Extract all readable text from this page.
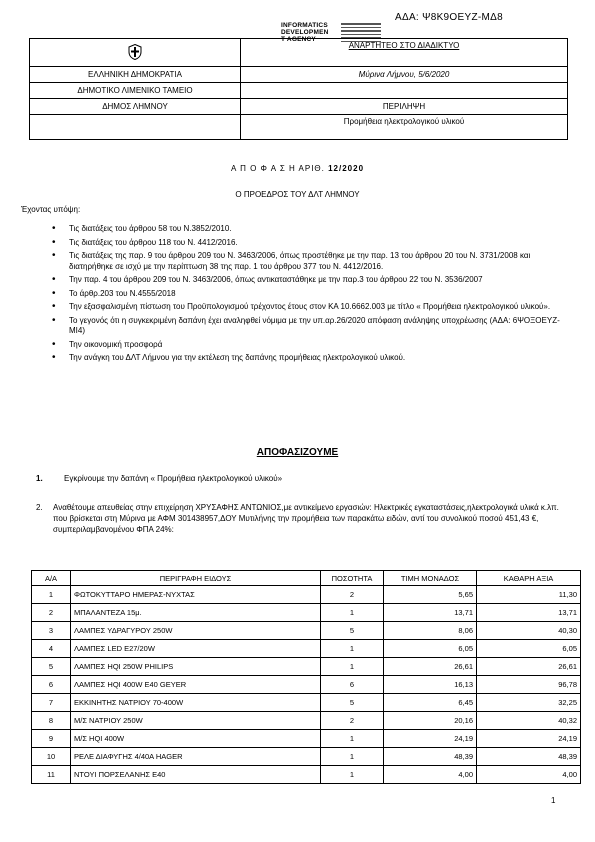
ΑΔΑ: Ψ8Κ9ΟΕΥΖ-ΜΔ8
INFORMATICS
DEVELOPMEN
T AGENCY
	ΑΝΑΡΤΗΤΕΟ ΣΤΟ ΔΙΑΔΙΚΤΥΟ
ΕΛΛΗΝΙΚΗ ΔΗΜΟΚΡΑΤΙΑ	Μύρινα Λήμνου, 5/6/2020
ΔΗΜΟΤΙΚΟ ΛΙΜΕΝΙΚΟ ΤΑΜΕΙΟ	
ΔΗΜΟΣ ΛΗΜΝΟΥ	ΠΕΡΙΛΗΨΗ
	Προμήθεια ηλεκτρολογικού υλικού
Α Π Ο Φ Α Σ Η ΑΡΙΘ. 12/2020
Ο ΠΡΟΕΔΡΟΣ ΤΟΥ ΔΛΤ ΛΗΜΝΟΥ
Έχοντας υπόψη:
• Τις διατάξεις του άρθρου 58 του Ν.3852/2010.
• Τις διατάξεις του άρθρου 118 του Ν. 4412/2016.
• Τις διατάξεις της παρ. 9 του άρθρου 209 του Ν. 3463/2006, όπως προστέθηκε με την παρ. 13 του άρθρου 20 του Ν. 3731/2008 και διατηρήθηκε σε ισχύ με την περίπτωση 38 της παρ. 1 του άρθρου 377 του Ν. 4412/2016.
• Την παρ. 4 του άρθρου 209 του Ν. 3463/2006, όπως αντικαταστάθηκε με την παρ.3 του άρθρου 22 του Ν. 3536/2007
• Το άρθρ.203 του Ν.4555/2018
• Την εξασφαλισμένη πίστωση του Προϋπολογισμού τρέχοντος έτους στον ΚΑ 10.6662.003 με τίτλο « Προμήθεια ηλεκτρολογικού υλικού».
• Το γεγονός ότι η συγκεκριμένη δαπάνη έχει αναληφθεί νόμιμα με την υπ.αρ.26/2020 απόφαση ανάληψης υποχρέωσης (ΑΔΑ: 6ΨΟΞΟΕΥΖ-ΜΙ4)
• Την οικονομική προσφορά
• Την ανάγκη του ΔΛΤ Λήμνου για την εκτέλεση της δαπάνης προμήθειας ηλεκτρολογικού υλικού.
ΑΠΟΦΑΣΙΖΟΥΜΕ
1.	Εγκρίνουμε την δαπάνη « Προμήθεια ηλεκτρολογικού υλικού»
2.	Αναθέτουμε απευθείας στην επιχείρηση ΧΡΥΣΑΦΗΣ ΑΝΤΩΝΙΟΣ,με αντικείμενο εργασιών: Ηλεκτρικές εγκαταστάσεις,ηλεκτρολογικά υλικά κ.λπ. που βρίσκεται στη Μύρινα με ΑΦΜ 301438957,ΔΟΥ Μυτιλήνης την προμήθεια των παρακάτω ειδών, αντί του συνολικού ποσού 451,43 €, συμπεριλαμβανομένου ΦΠΑ 24%:
Α/Α	ΠΕΡΙΓΡΑΦΗ ΕΙΔΟΥΣ	ΠΟΣΟΤΗΤΑ	ΤΙΜΗ ΜΟΝΑΔΟΣ	ΚΑΘΑΡΗ ΑΞΙΑ
1	ΦΩΤΟΚΥΤΤΑΡΟ ΗΜΕΡΑΣ-ΝΥΧΤΑΣ	2	5,65	11,30
2	ΜΠΑΛΑΝΤΕΖΑ 15μ.	1	13,71	13,71
3	ΛΑΜΠΕΣ ΥΔΡΑΓΥΡΟΥ 250W	5	8,06	40,30
4	ΛΑΜΠΕΣ LED E27/20W	1	6,05	6,05
5	ΛΑΜΠΕΣ HQI 250W PHILIPS	1	26,61	26,61
6	ΛΑΜΠΕΣ HQI 400W E40 GEYER	6	16,13	96,78
7	ΕΚΚΙΝΗΤΗΣ ΝΑΤΡΙΟΥ 70-400W	5	6,45	32,25
8	Μ/Σ ΝΑΤΡΙΟΥ 250W	2	20,16	40,32
9	Μ/Σ HQI 400W	1	24,19	24,19
10	ΡΕΛΕ ΔΙΑΦΥΓΗΣ 4/40Α HAGER	1	48,39	48,39
11	ΝΤΟΥΙ ΠΟΡΣΕΛΑΝΗΣ Ε40	1	4,00	4,00
1
